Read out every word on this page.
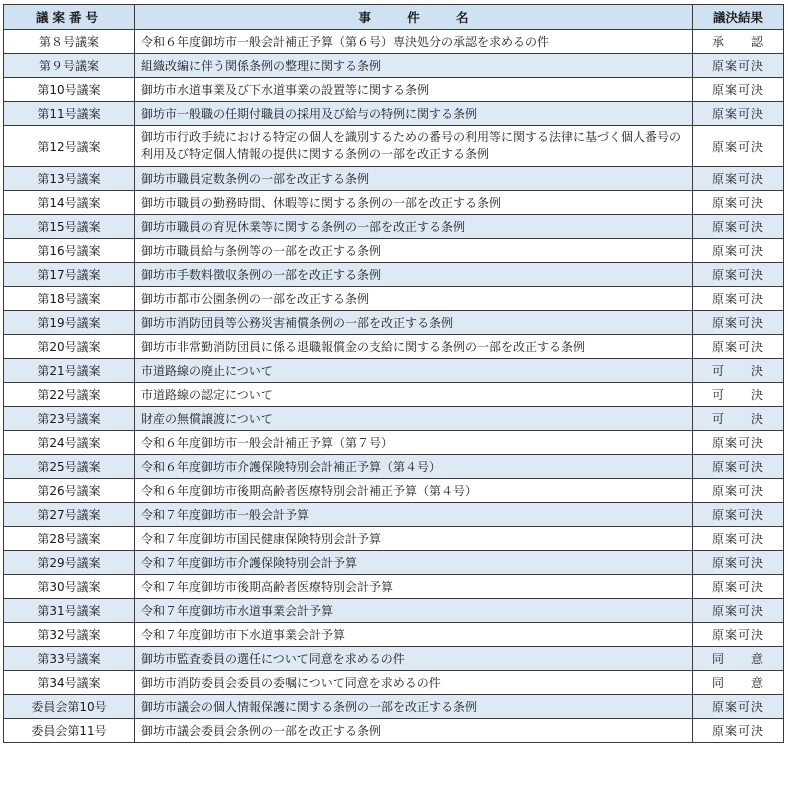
議案番号	事　件　名	議決結果
第８号議案	令和６年度御坊市一般会計補正予算（第６号）専決処分の承認を求めるの件	承　認
第９号議案	組織改編に伴う関係条例の整理に関する条例	原案可決
第10号議案	御坊市水道事業及び下水道事業の設置等に関する条例	原案可決
第11号議案	御坊市一般職の任期付職員の採用及び給与の特例に関する条例	原案可決
第12号議案	御坊市行政手続における特定の個人を識別するための番号の利用等に関する法律に基づく個人番号の利用及び特定個人情報の提供に関する条例の一部を改正する条例	原案可決
第13号議案	御坊市職員定数条例の一部を改正する条例	原案可決
第14号議案	御坊市職員の勤務時間、休暇等に関する条例の一部を改正する条例	原案可決
第15号議案	御坊市職員の育児休業等に関する条例の一部を改正する条例	原案可決
第16号議案	御坊市職員給与条例等の一部を改正する条例	原案可決
第17号議案	御坊市手数料徴収条例の一部を改正する条例	原案可決
第18号議案	御坊市都市公園条例の一部を改正する条例	原案可決
第19号議案	御坊市消防団員等公務災害補償条例の一部を改正する条例	原案可決
第20号議案	御坊市非常勤消防団員に係る退職報償金の支給に関する条例の一部を改正する条例	原案可決
第21号議案	市道路線の廃止について	可　決
第22号議案	市道路線の認定について	可　決
第23号議案	財産の無償譲渡について	可　決
第24号議案	令和６年度御坊市一般会計補正予算（第７号）	原案可決
第25号議案	令和６年度御坊市介護保険特別会計補正予算（第４号）	原案可決
第26号議案	令和６年度御坊市後期高齢者医療特別会計補正予算（第４号）	原案可決
第27号議案	令和７年度御坊市一般会計予算	原案可決
第28号議案	令和７年度御坊市国民健康保険特別会計予算	原案可決
第29号議案	令和７年度御坊市介護保険特別会計予算	原案可決
第30号議案	令和７年度御坊市後期高齢者医療特別会計予算	原案可決
第31号議案	令和７年度御坊市水道事業会計予算	原案可決
第32号議案	令和７年度御坊市下水道事業会計予算	原案可決
第33号議案	御坊市監査委員の選任について同意を求めるの件	同　意
第34号議案	御坊市消防委員会委員の委嘱について同意を求めるの件	同　意
委員会第10号	御坊市議会の個人情報保護に関する条例の一部を改正する条例	原案可決
委員会第11号	御坊市議会委員会条例の一部を改正する条例	原案可決
